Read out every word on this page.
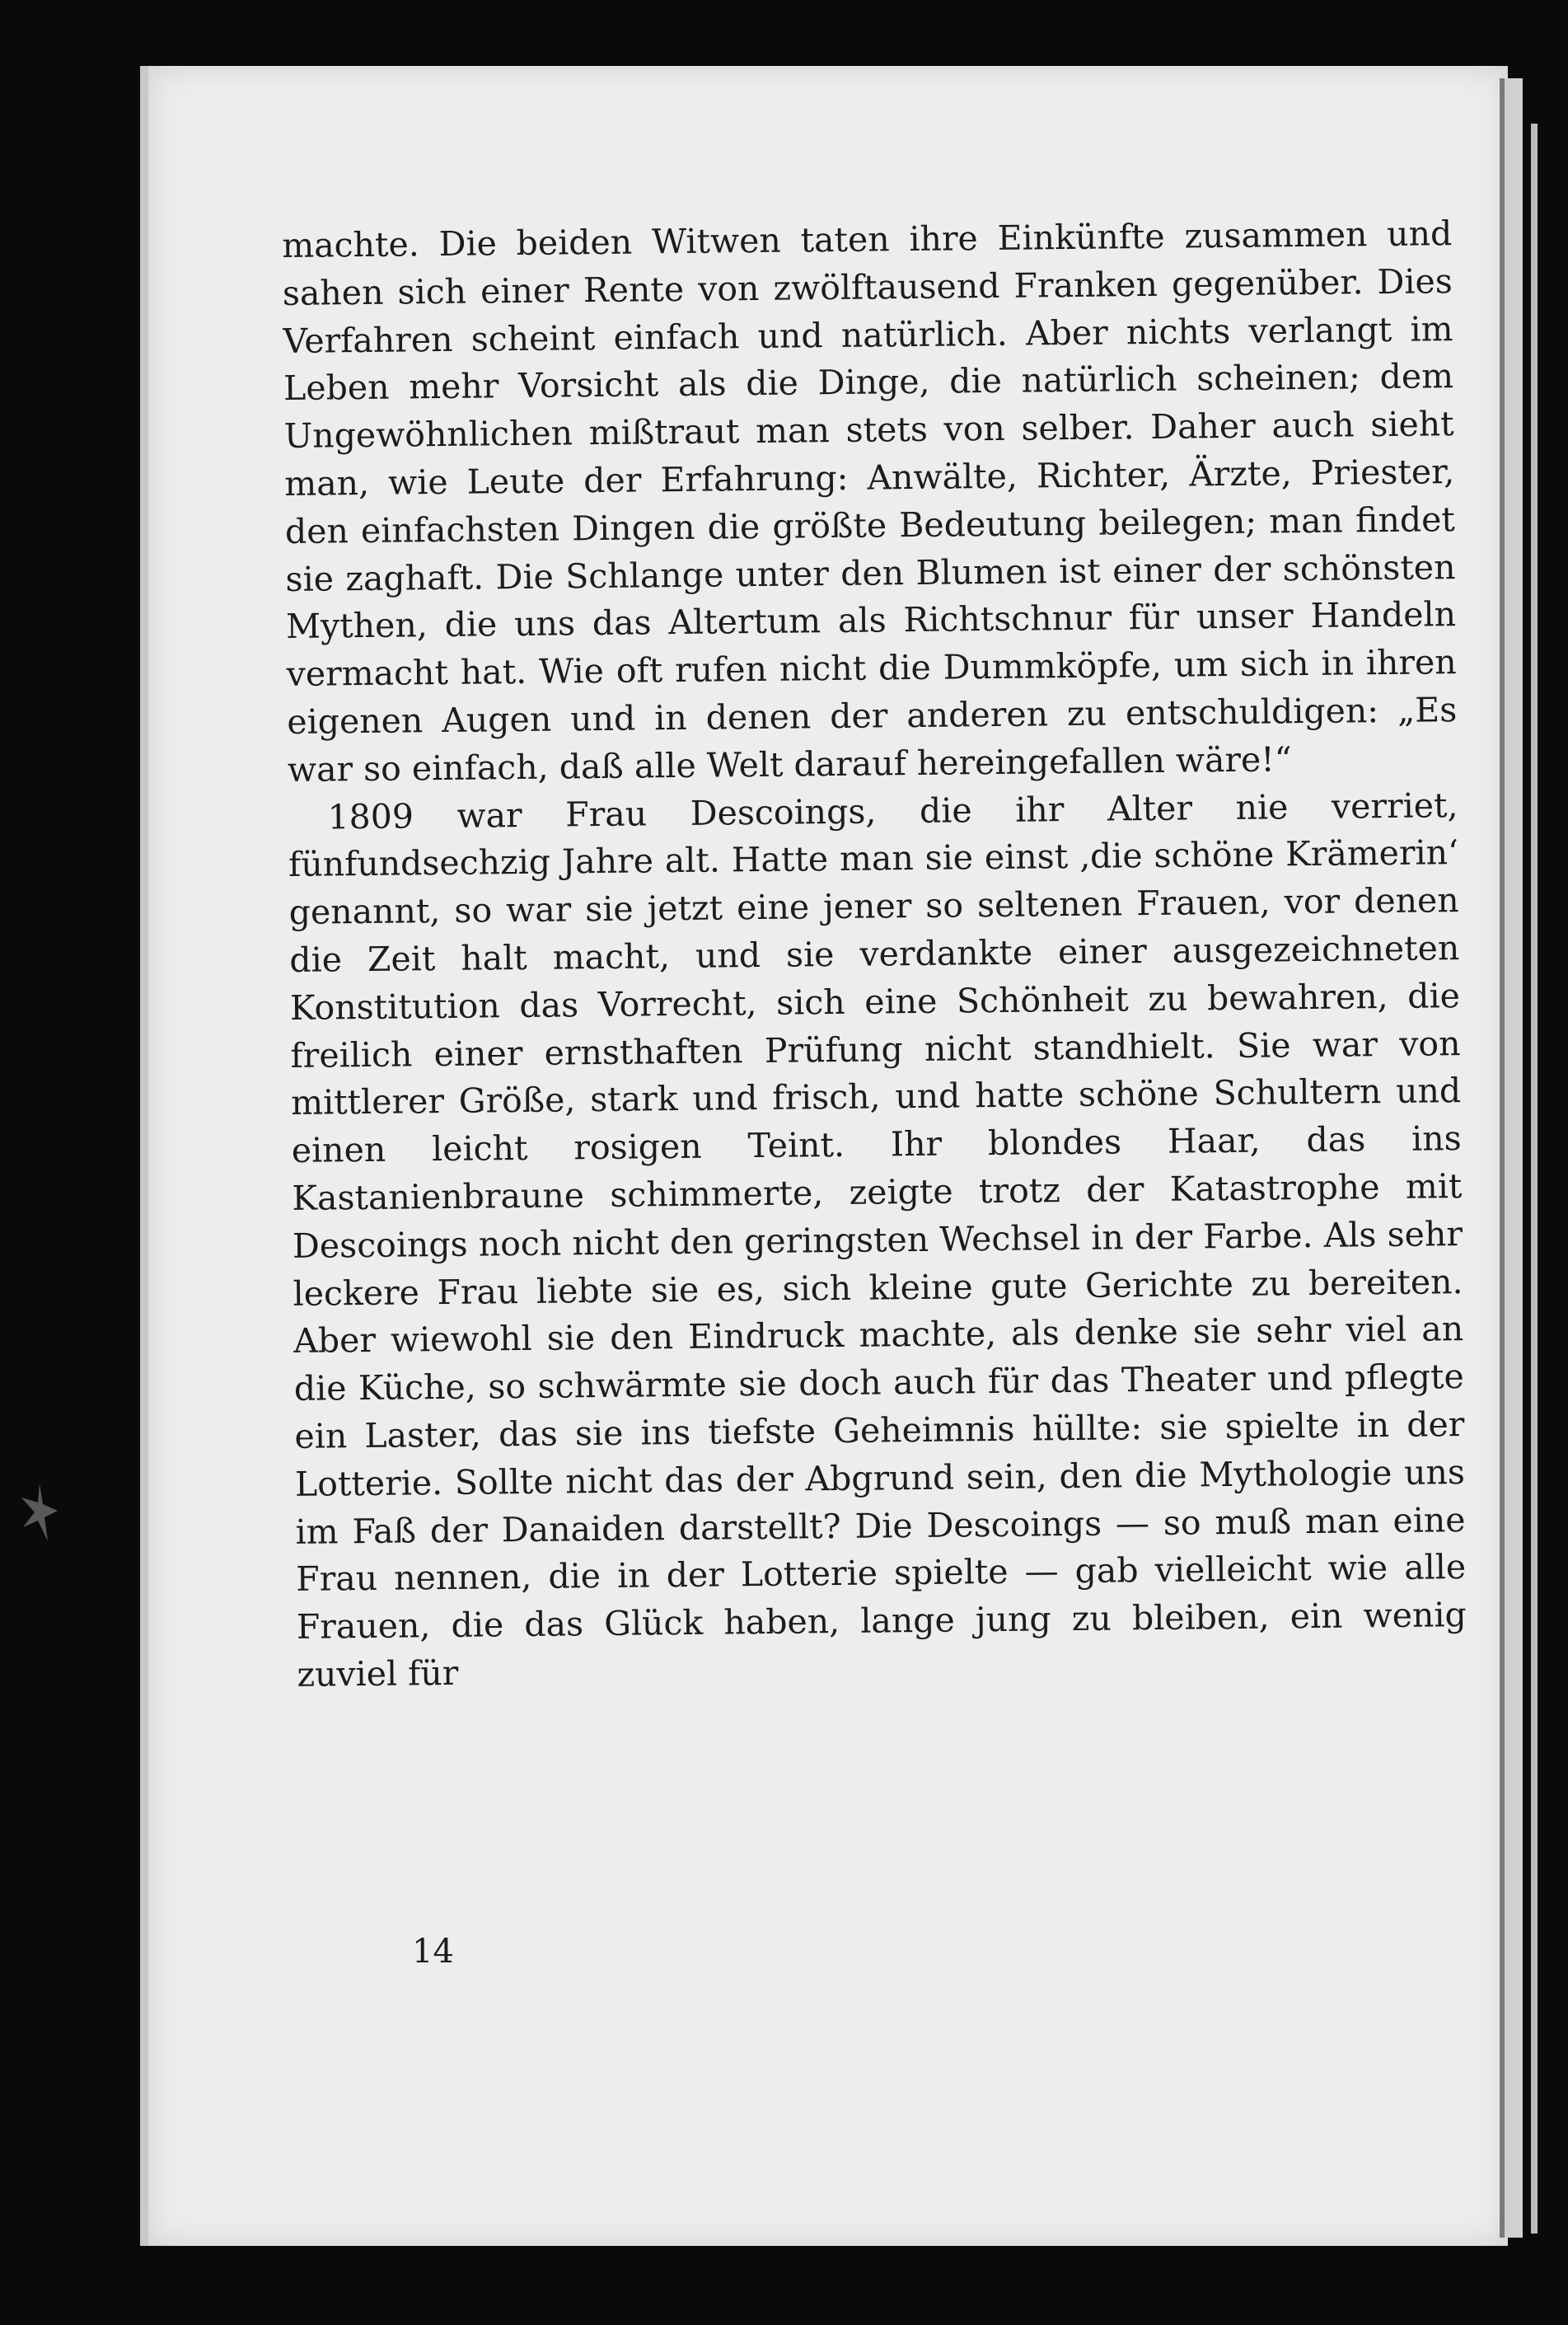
machte. Die beiden Witwen taten ihre Einkünfte zusammen und sahen sich einer Rente von zwölftausend Franken gegenüber. Dies Verfahren scheint einfach und natürlich. Aber nichts verlangt im Leben mehr Vorsicht als die Dinge, die natürlich scheinen; dem Ungewöhnlichen mißtraut man stets von selber. Daher auch sieht man, wie Leute der Erfahrung: Anwälte, Richter, Ärzte, Priester, den einfachsten Dingen die größte Bedeutung beilegen; man findet sie zaghaft. Die Schlange unter den Blumen ist einer der schönsten Mythen, die uns das Altertum als Richtschnur für unser Handeln vermacht hat. Wie oft rufen nicht die Dummköpfe, um sich in ihren eigenen Augen und in denen der anderen zu entschuldigen: „Es war so einfach, daß alle Welt darauf hereingefallen wäre!“

1809 war Frau Descoings, die ihr Alter nie verriet, fünfundsechzig Jahre alt. Hatte man sie einst ‚die schöne Krämerin‘ genannt, so war sie jetzt eine jener so seltenen Frauen, vor denen die Zeit halt macht, und sie verdankte einer ausgezeichneten Konstitution das Vorrecht, sich eine Schönheit zu bewahren, die freilich einer ernsthaften Prüfung nicht standhielt. Sie war von mittlerer Größe, stark und frisch, und hatte schöne Schultern und einen leicht rosigen Teint. Ihr blondes Haar, das ins Kastanienbraune schimmerte, zeigte trotz der Katastrophe mit Descoings noch nicht den geringsten Wechsel in der Farbe. Als sehr leckere Frau liebte sie es, sich kleine gute Gerichte zu bereiten. Aber wiewohl sie den Eindruck machte, als denke sie sehr viel an die Küche, so schwärmte sie doch auch für das Theater und pflegte ein Laster, das sie ins tiefste Geheimnis hüllte: sie spielte in der Lotterie. Sollte nicht das der Abgrund sein, den die Mythologie uns im Faß der Danaiden darstellt? Die Descoings — so muß man eine Frau nennen, die in der Lotterie spielte — gab vielleicht wie alle Frauen, die das Glück haben, lange jung zu bleiben, ein wenig zuviel für

14
